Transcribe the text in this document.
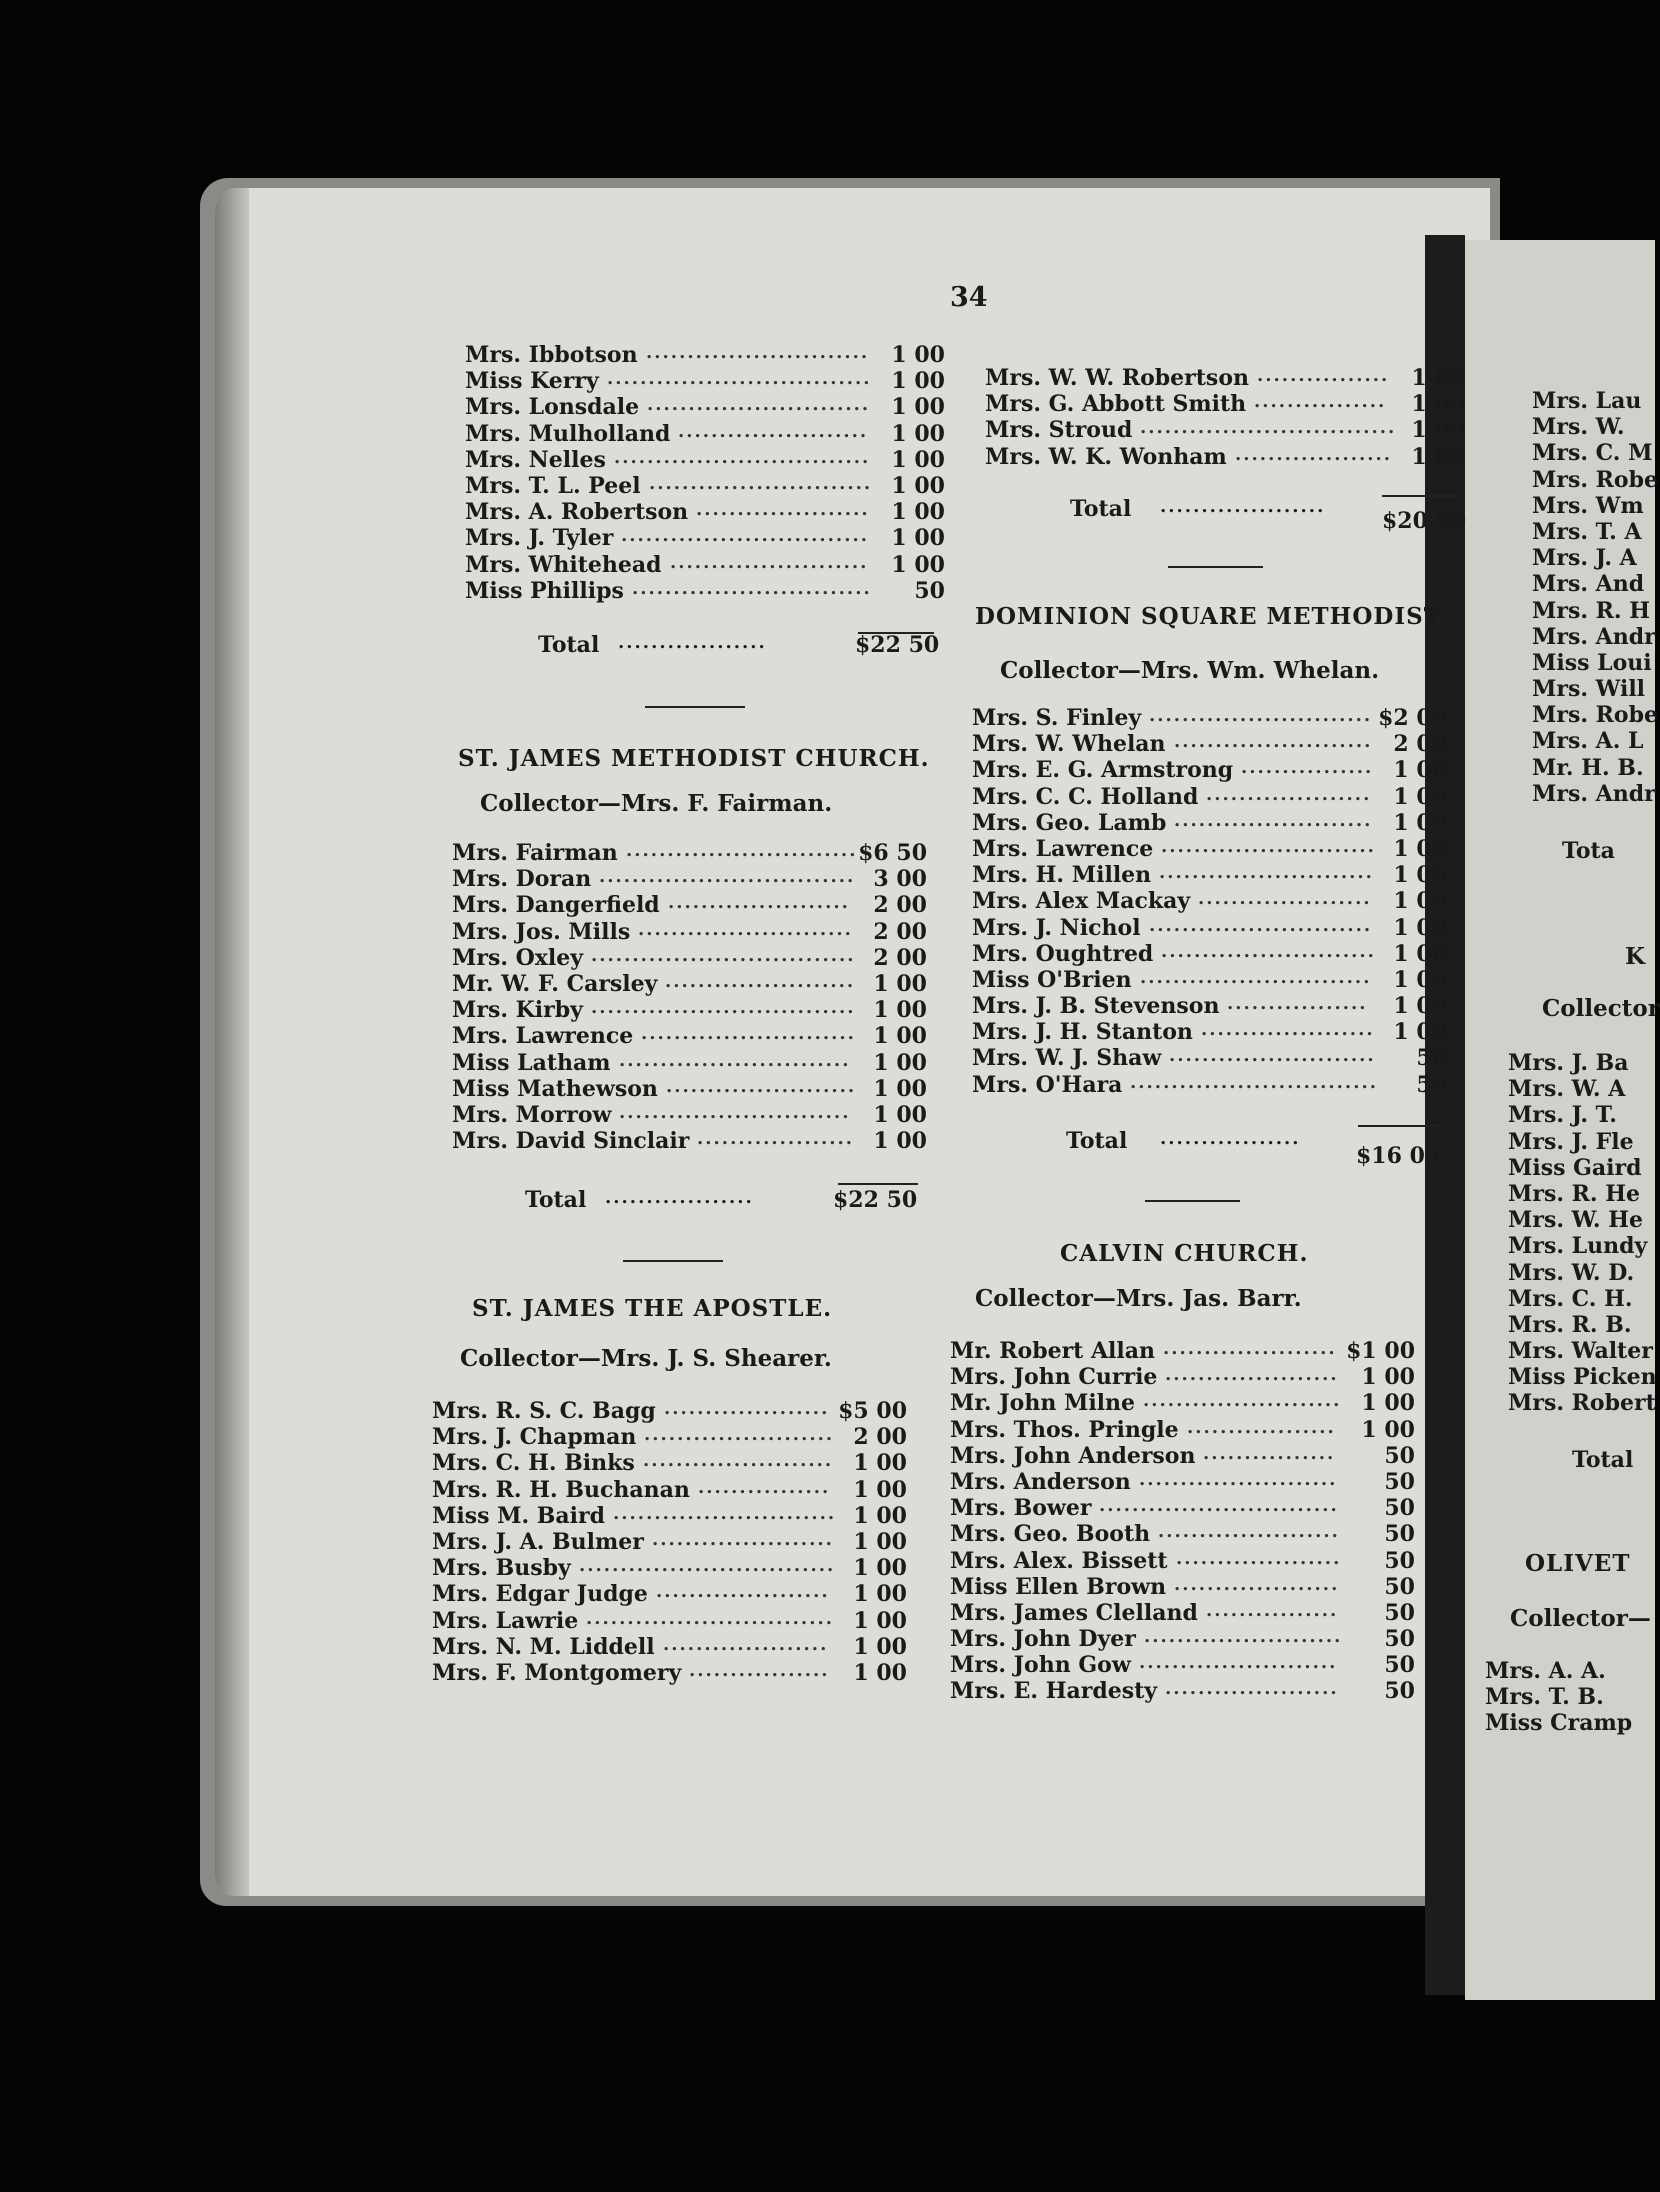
34
Mrs. Ibbotson	1 00
...........................
Miss Kerry	1 00
................................
Mrs. Lonsdale	1 00
...........................
Mrs. Mulholland	1 00
.......................
Mrs. Nelles	1 00
...............................
Mrs. T. L. Peel	1 00
...........................
Mrs. A. Robertson	1 00
.....................
Mrs. J. Tyler	1 00
..............................
Mrs. Whitehead	1 00
........................
Miss Phillips	50
.............................
Total ..................	$22 50
ST. JAMES METHODIST CHURCH.
Collector—Mrs. F. Fairman.
Mrs. Fairman	$6 50
............................
Mrs. Doran	3 00
...............................
Mrs. Dangerfield	2 00
......................
Mrs. Jos. Mills	2 00
..........................
Mrs. Oxley	2 00
................................
Mr. W. F. Carsley	1 00
.......................
Mrs. Kirby	1 00
................................
Mrs. Lawrence	1 00
..........................
Miss Latham	1 00
............................
Miss Mathewson	1 00
.......................
Mrs. Morrow	1 00
............................
Mrs. David Sinclair	1 00
...................
Total ..................	$22 50
ST. JAMES THE APOSTLE.
Collector—Mrs. J. S. Shearer.
Mrs. R. S. C. Bagg	$5 00
....................
Mrs. J. Chapman	2 00
.......................
Mrs. C. H. Binks	1 00
.......................
Mrs. R. H. Buchanan	1 00
................
Miss M. Baird	1 00
...........................
Mrs. J. A. Bulmer	1 00
......................
Mrs. Busby	1 00
...............................
Mrs. Edgar Judge	1 00
.....................
Mrs. Lawrie	1 00
..............................
Mrs. N. M. Liddell	1 00
....................
Mrs. F. Montgomery	1 00
.................
Mrs. W. W. Robertson	1 00
................
Mrs. G. Abbott Smith	1 00
................
Mrs. Stroud	1 00
...............................
Mrs. W. K. Wonham	1 00
...................
Total ....................
$20 00
DOMINION SQUARE METHODIST.
Collector—Mrs. Wm. Whelan.
Mrs. S. Finley	$2 00
...........................
Mrs. W. Whelan	2 00
........................
Mrs. E. G. Armstrong	1 00
................
Mrs. C. C. Holland	1 00
....................
Mrs. Geo. Lamb	1 00
........................
Mrs. Lawrence	1 00
..........................
Mrs. H. Millen	1 00
..........................
Mrs. Alex Mackay	1 00
.....................
Mrs. J. Nichol	1 00
...........................
Mrs. Oughtred	1 00
..........................
Miss O'Brien	1 00
............................
Mrs. J. B. Stevenson	1 00
.................
Mrs. J. H. Stanton	1 00
.....................
Mrs. W. J. Shaw	50
.........................
Mrs. O'Hara	50
..............................
Total .................
$16 00
CALVIN CHURCH.
Collector—Mrs. Jas. Barr.
Mr. Robert Allan	$1 00
.....................
Mrs. John Currie	1 00
.....................
Mr. John Milne	1 00
........................
Mrs. Thos. Pringle	1 00
..................
Mrs. John Anderson	50
................
Mrs. Anderson	50
........................
Mrs. Bower	50
.............................
Mrs. Geo. Booth	50
......................
Mrs. Alex. Bissett	50
....................
Miss Ellen Brown	50
....................
Mrs. James Clelland	50
................
Mrs. John Dyer	50
........................
Mrs. John Gow	50
........................
Mrs. E. Hardesty	50
.....................
Mrs. Lau
Mrs. W.
Mrs. C. M
Mrs. Robe
Mrs. Wm
Mrs. T. A
Mrs. J. A
Mrs. And
Mrs. R. H
Mrs. Andr
Miss Loui
Mrs. Will
Mrs. Robe
Mrs. A. L
Mr. H. B.
Mrs. Andr
Tota
K
Collector
Mrs. J. Ba
Mrs. W. A
Mrs. J. T.
Mrs. J. Fle
Miss Gaird
Mrs. R. He
Mrs. W. He
Mrs. Lundy
Mrs. W. D.
Mrs. C. H.
Mrs. R. B.
Mrs. Walter
Miss Picken
Mrs. Robert
Total
OLIVET
Collector—
Mrs. A. A.
Mrs. T. B.
Miss Cramp
